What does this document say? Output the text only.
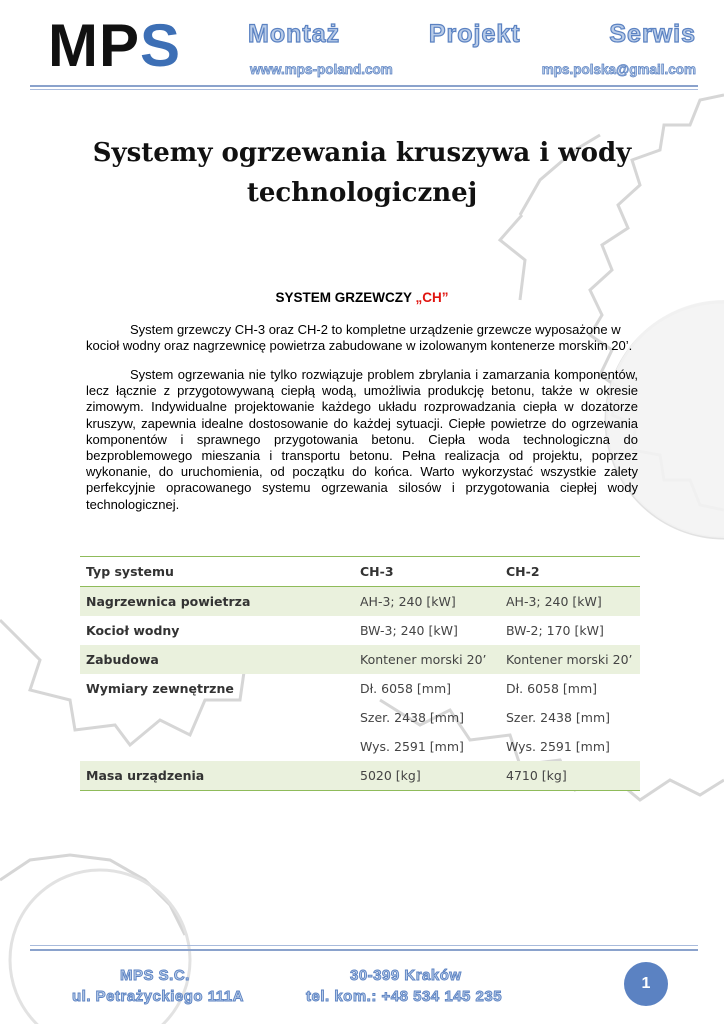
MPS	Montaż	Projekt	Serwis
www.mps-poland.com	mps.polska@gmail.com
Systemy ogrzewania kruszywa i wody
technologicznej
SYSTEM GRZEWCZY „CH”
System grzewczy CH-3 oraz CH-2 to kompletne urządzenie grzewcze wyposażone w kocioł wodny oraz nagrzewnicę powietrza zabudowane w izolowanym kontenerze morskim 20’.
System ogrzewania nie tylko rozwiązuje problem zbrylania i zamarzania komponentów, lecz łącznie z przygotowywaną ciepłą wodą, umożliwia produkcję betonu, także w okresie zimowym. Indywidualne projektowanie każdego układu rozprowadzania ciepła w dozatorze kruszyw, zapewnia idealne dostosowanie do każdej sytuacji. Ciepłe powietrze do ogrzewania komponentów i sprawnego przygotowania betonu. Ciepła woda technologiczna do bezproblemowego mieszania i transportu betonu. Pełna realizacja od projektu, poprzez wykonanie, do uruchomienia, od początku do końca. Warto wykorzystać wszystkie zalety perfekcyjnie opracowanego systemu ogrzewania silosów i przygotowania ciepłej wody technologicznej.
Typ systemu	CH-3	CH-2
Nagrzewnica powietrza	AH-3; 240 [kW]	AH-3; 240 [kW]
Kocioł wodny	BW-3; 240 [kW]	BW-2; 170 [kW]
Zabudowa	Kontener morski 20’	Kontener morski 20’
Wymiary zewnętrzne	Dł. 6058 [mm]	Dł. 6058 [mm]
	Szer. 2438 [mm]	Szer. 2438 [mm]
	Wys. 2591 [mm]	Wys. 2591 [mm]
Masa urządzenia	5020 [kg]	4710 [kg]
MPS S.C.
ul. Petrażyckiego 111A
30-399 Kraków
tel. kom.: +48 534 145 235
1
